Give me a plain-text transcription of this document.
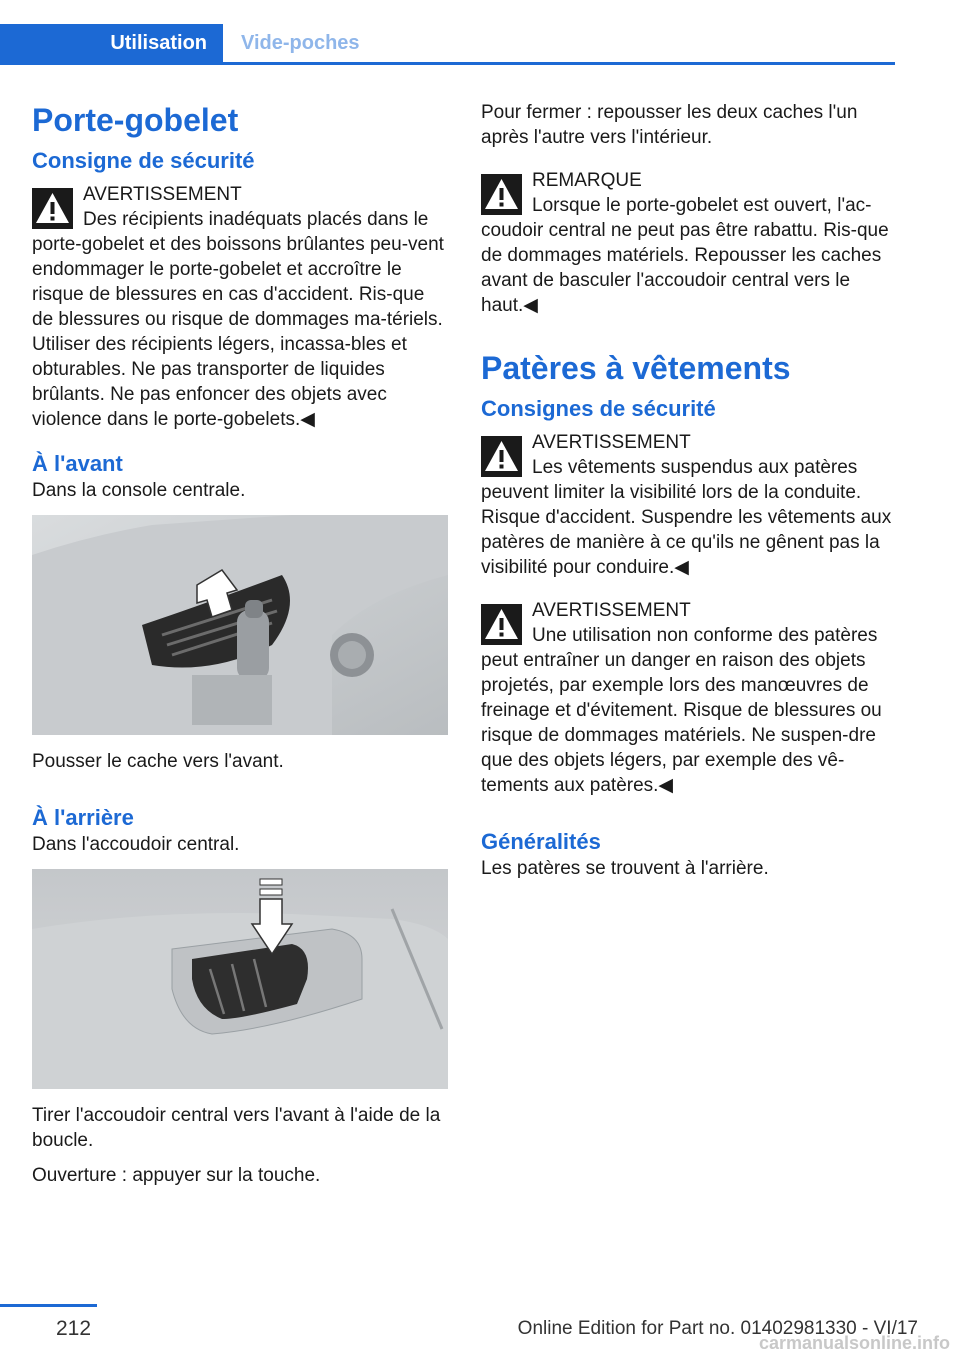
Utilisation	Vide-poches
Porte-gobelet
Consigne de sécurité
AVERTISSEMENT
Des récipients inadéquats placés dans le porte-gobelet et des boissons brûlantes peu‐vent endommager le porte-gobelet et accroître le risque de blessures en cas d'accident. Ris‐que de blessures ou risque de dommages ma‐tériels. Utiliser des récipients légers, incassa‐bles et obturables. Ne pas transporter de liquides brûlants. Ne pas enfoncer des objets avec violence dans le porte-gobelets.◀
À l'avant
Dans la console centrale.
Pousser le cache vers l'avant.
À l'arrière
Dans l'accoudoir central.
Tirer l'accoudoir central vers l'avant à l'aide de la boucle.
Ouverture : appuyer sur la touche.
Pour fermer : repousser les deux caches l'un après l'autre vers l'intérieur.
REMARQUE
Lorsque le porte-gobelet est ouvert, l'ac‐coudoir central ne peut pas être rabattu. Ris‐que de dommages matériels. Repousser les caches avant de basculer l'accoudoir central vers le haut.◀
Patères à vêtements
Consignes de sécurité
AVERTISSEMENT
Les vêtements suspendus aux patères peuvent limiter la visibilité lors de la conduite. Risque d'accident. Suspendre les vêtements aux patères de manière à ce qu'ils ne gênent pas la visibilité pour conduire.◀
AVERTISSEMENT
Une utilisation non conforme des patères peut entraîner un danger en raison des objets projetés, par exemple lors des manœuvres de freinage et d'évitement. Risque de blessures ou risque de dommages matériels. Ne suspen‐dre que des objets légers, par exemple des vê‐tements aux patères.◀
Généralités
Les patères se trouvent à l'arrière.
212	Online Edition for Part no. 01402981330 - VI/17
carmanualsonline.info
